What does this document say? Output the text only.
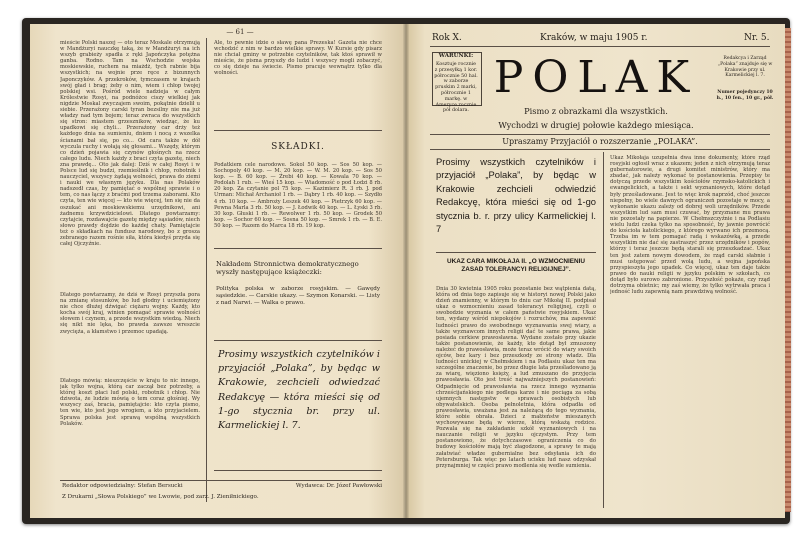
— 61 —
mieście Polski naszej — oto teraz Moskale otrzymują w Mandżuryi nauczkę taką, że w Mandżuryi na ich wszyb grabieży spadła z ręki Japończyka potężna ganba. Rodno. Tam na Wschodzie wojska moskiewskie, ruchem na miażdż, tych rabnie bija wszystkich; na wojnie prze ręce z bizunnych Japonczyków. A przekroków, tymczasem w krajach swój gład i brag; żeby o nim, wiem i chłop twojej polskiej wsi. Pośród wiele nadzieja w całym Królestwie Rosyi, na podnóżce ciszy wielkiej jak nigdzie Moskal zwyczajem swoim, pokątnie dzielił u siebie. Przeraźony carski tyran bezsilny nie ma już władzy nad tym bojem; teraz zwraca do wszystkich się stron: miastem grzesznikow, wiedząc, że ku upadkowi się chyli... Przeraźony car drży też każdego dnia na sumieniu, dniem i nocą z wszelka ścianami bał się, po co... Od cara także w dół wyczula ruchy i wołają się głosami... Wszędy, którym co dzień pojawia się czynów głośnych na rzecz całego ludu. Niech każdy z braci czyta gazetę, niech zna prawdę... Oto jak dalej: Dziś w całej Rosyi i w Polsce lud się budzi, rzemieślnik i chłop, robotnik i nauczyciel, wszyscy żądają wolności, prawa do ziemi i nauki we własnym języku. Dla nas Polaków nadszedł czas, by pamiętać o wspólnej sprawie i o tem, co nas łączy z braćmi pod trzema zaborami. Kto czyta, ten wie więcej — kto wie więcej, ten się nie da oszukać ani moskiewskiemu urzędnikowi, ani żadnemu krzywdzicielowi. Dlatego powtarzamy: czytajcie, rozdawajcie gazetę między sąsiadów, niech słowo prawdy dojdzie do każdej chaty. Pamiętajcie też o składkach na fundusz narodowy, bo z grosza zebranego razem rośnie siła, która kiedyś przyda się całej Ojczyźnie.
Dlatego powtarzamy, że dziś w Rosyi przyszła pora na zmianę stosunków, bo lud głodny i uciemiężony nie chce dłużej dźwigać ciężaru wojny. Każdy, kto kocha swój kraj, winien pomagać sprawie wolności słowem i czynem, a przede wszystkim wiedzą. Niech się nikt nie lęka, bo prawda zawsze wreszcie zwycięża, a kłamstwo i przemoc upadają.
Dlatego mówią: nieszczęście w kraju to nic innego, jak tylko wojna, którą car zaczął bez potrzeby, a której koszt płaci lud polski, robotnik i chłop. Nie dziwota, że ludzie mówią o tem coraz głośniej. Wy wszyscy zaś, bracia, pamiętajcie: kto czyta pismo, ten wie, kto jest jego wrogiem, a kto przyjacielem. Sprawa polska jest sprawą wspólną wszystkich Polaków.
Ale, to pewnie idzie o sławę pana Prezeska! Gazeta nie chce wchodzić z nim w bardzo wielkie sprawy. W Kursie gdy pisarz nie chciał gminy w potrzebie czytelników, tak ktoś sprawił w mieście, że pisma przyszły do ludzi i wszyscy mogli zobaczyć, co się dzieje na świecie. Pismo pracuje wewnątrz tylko dla wolności.
SKŁADKI.
Podatkiem cele narodowe. Sokol 50 kop. — Sos 50 kop. — Sochopoly 40 kop. — M. 20 kop. — W. M. 20 kop. — Sos 50 kop. — B. 60 kop. — Źrebi 40 kop. — Kowala 70 kop. — Podolah 1 rub. — Wieś 15 kop. — Wiadomość o pod Łodzi 8 rb. 20 kop. Za czytanie pol 75 kop. — Kazimierz R. 3 rb. J. pod Urman: Michał Archanioł 1 rb. — Dąbry 1 rb. 40 kop. — Szydło 4 rb. 10 kop. — Ambroży Leszek 40 kop. — Pietrzyk 60 kop. — Pewna Marla 3 rb. 50 kop. — J. Łodwik 40 kop. — L. Łyski 3 rb. 30 kop. Głuski 1 rb. — Rewolwer 1 rb. 50 kop. — Grodek 50 kop. — Sochor 60 kop. — Sosna 50 kop. — Smrek 1 rb. — B. E. 50 kop. — Razem do Marca 18 rb. 19 kop.
Nakładem Stronnictwa demokratycznego wyszły następujące książeczki:
Polityka polska w zaborze rosyjskim. — Gawędy sąsiedzkie. — Carskie ukazy. — Szymon Konarski. — Listy z nad Narwi. — Walka o prawo.
Prosimy wszystkich czytelników i przyjaciół „Polaka”, by będąc w Krakowie, zechcieli odwiedzać Redakcyę — która mieści się od 1-go stycznia br. przy ul. Karmelickiej l. 7.
Redaktor odpowiedzialny: Stefan Bersucki	Wydawca: Dr. Józef Pawłowski
Z Drukarni „Słowa Polskiego” we Lwowie, pod zarz. J. Zieniłnickiego.
Rok X.	Kraków, w maju 1905 r.	Nr. 5.
WARUNKI:
Kosztuje rocznie z przesyłką 1 kor. półrocznie 50 hal. w zaborze pruskim 2 marki, półrocznie 1 markę. w Ameryce rocznie pół dolara.
POLAK
Pismo z obrazkami dla wszystkich.
Wychodzi w drugiej połowie każdego miesiąca.
Redakcya i Zarząd „Polaka” znajduje się w Krakowie przy ul. Karmelickiej l. 7.
Numer pojedynczy 10 h., 10 fen., 10 gr., pół.
Upraszamy Przyjaciół o rozszerzanie „POLAKA”.
Prosimy wszystkich czytelników i przyjaciół „Polaka”, by będąc w Krakowie zechcieli odwiedzić Redakcyę, która mieści się od 1-go stycznia b. r. przy ulicy Karmelickiej l. 7
UKAZ CARA MIKOŁAJA II. „O WZMOCNIENIU ZASAD TOLERANCYI RELIGIJNEJ”.
Dnia 30 kwietnia 1905 roku pozostanie bez wątpienia datą, która od dnia tego zapisuje się w historyi nowej Polski jako dzień znamienny, w którym to dniu car Mikołaj II. podpisał ukaz o wzmocnieniu zasad tolerancyi religijnej, czyli o swobodzie wyznania w całem państwie rosyjskiem. Ukaz ten, wydany wśród niepokojów i rozruchów, ma zapewnić ludności prawo do swobodnego wyznawania swej wiary, a także wyznawcom innych religii dać te same prawa, jakie posiada cerkiew prawosławna. Wydane zostało przy ukazie także postanowienie, że każdy, kto dotąd był zmuszony należeć do prawosławia, może teraz wrócić do wiary swoich ojców, bez kary i bez przeszkody ze strony władz. Dla ludności unickiej w Chełmskiem i na Podlasiu ukaz ten ma szczególne znaczenie, bo przez długie lata prześladowano ją za wiarę, więziono księży, a lud zmuszano do przyjęcia prawosławia. Oto jest treść najważniejszych postanowień: Odpadnięcie od prawosławia na rzecz innego wyznania chrześcijańskiego nie podlega karze i nie pociąga za sobą ujemnych następstw w sprawach osobistych lub obywatelskich. Osoba pełnoletnia, która odpadła od prawosławia, uważana jest za należącą do tego wyznania, które sobie obrała. Dzieci z małżeństw mieszanych wychowywane będą w wierze, którą wskażą rodzice. Pozwala się na zakładanie szkół wyznaniowych i na nauczanie religii w języku ojczystym. Przy tem postanowiono, że dotychczasowe ograniczenia co do budowy kościołów mają być złagodzone, a sprawy te mają załatwiać władze gubernialne bez odsyłania ich do Petersburga. Tak więc po latach ucisku lud nasz odzyskał przynajmniej w części prawo modlenia się wedle sumienia.
Ukaz Mikołaja uzupełnia dwa inne dokumenty, które rząd rosyjski ogłosił wraz z ukazem; jeden z nich otrzymują teraz gubernatorowie, a drugi komitet ministrów, który ma zbadać, jak należy wykonać te postanowienia. Przepisy te dotyczą przede wszystkim kościołów rzymsko-katolickich i ewangelickich, a także i sekt wyznaniowych, które dotąd były prześladowane. Jest to więc krok naprzód, choć jeszcze niepełny, bo wiele dawnych ograniczeń pozostaje w mocy, a wykonanie ukazu zależy od dobrej woli urzędników. Przede wszystkim lud sam musi czuwać, by przyznane mu prawa nie pozostały na papierze. W Chełmszczyźnie i na Podlasiu wielu ludzi czeka tylko na sposobność, by jawnie powrócić do kościoła katolickiego, z którego wyrwano ich przemocą. Trzeba im w tem pomagać radą i wskazówką, a przede wszystkim nie dać się zastraszyć przez urzędników i popów, którzy i teraz jeszcze będą starali się przeszkadzać. Ukaz ten jest zatem nowym dowodem, że rząd carski słabnie i musi ustępować przed wolą ludu, a wojna japońska przyspieszyła jego upadek. Co więcej, ukaz ten daje także prawo do nauki religii w języku polskim w szkołach, co dotąd było surowo zabronione. Przyszłość pokaże, czy rząd dotrzyma obietnic; my zaś wiemy, że tylko wytrwała praca i jedność ludu zapewnią nam prawdziwą wolność.
